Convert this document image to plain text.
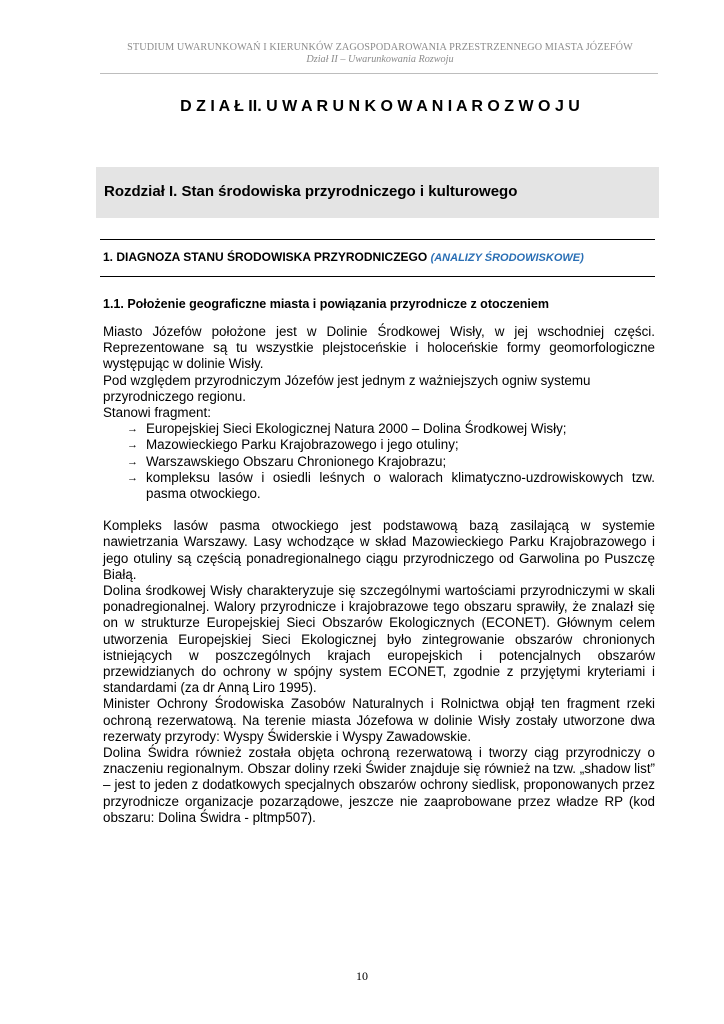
STUDIUM UWARUNKOWAŃ I KIERUNKÓW ZAGOSPODAROWANIA PRZESTRZENNEGO MIASTA JÓZEFÓW
Dział II – Uwarunkowania Rozwoju
D Z I A Ł II. U W A R U N K O W A N I A R O Z W O J U
Rozdział I. Stan środowiska przyrodniczego i kulturowego
1. DIAGNOZA STANU ŚRODOWISKA PRZYRODNICZEGO (ANALIZY ŚRODOWISKOWE)
1.1. Położenie geograficzne miasta i powiązania przyrodnicze z otoczeniem

Miasto Józefów położone jest w Dolinie Środkowej Wisły, w jej wschodniej części. Reprezentowane są tu wszystkie plejstoceńskie i holoceńskie formy geomorfologiczne występując w dolinie Wisły.

Pod względem przyrodniczym Józefów jest jednym z ważniejszych ogniw systemu przyrodniczego regionu.

Stanowi fragment:

→ Europejskiej Sieci Ekologicznej Natura 2000 – Dolina Środkowej Wisły;
→ Mazowieckiego Parku Krajobrazowego i jego otuliny;
→ Warszawskiego Obszaru Chronionego Krajobrazu;
→ kompleksu lasów i osiedli leśnych o walorach klimatyczno-uzdrowiskowych tzw. pasma otwockiego.

Kompleks lasów pasma otwockiego jest podstawową bazą zasilającą w systemie nawietrzania Warszawy. Lasy wchodzące w skład Mazowieckiego Parku Krajobrazowego i jego otuliny są częścią ponadregionalnego ciągu przyrodniczego od Garwolina po Puszczę Białą.

Dolina środkowej Wisły charakteryzuje się szczególnymi wartościami przyrodniczymi w skali ponadregionalnej. Walory przyrodnicze i krajobrazowe tego obszaru sprawiły, że znalazł się on w strukturze Europejskiej Sieci Obszarów Ekologicznych (ECONET). Głównym celem utworzenia Europejskiej Sieci Ekologicznej było zintegrowanie obszarów chronionych istniejących w poszczególnych krajach europejskich i potencjalnych obszarów przewidzianych do ochrony w spójny system ECONET, zgodnie z przyjętymi kryteriami i standardami (za dr Anną Liro 1995).

Minister Ochrony Środowiska Zasobów Naturalnych i Rolnictwa objął ten fragment rzeki ochroną rezerwatową. Na terenie miasta Józefowa w dolinie Wisły zostały utworzone dwa rezerwaty przyrody: Wyspy Świderskie i Wyspy Zawadowskie.

Dolina Świdra również została objęta ochroną rezerwatową i tworzy ciąg przyrodniczy o znaczeniu regionalnym. Obszar doliny rzeki Świder znajduje się również na tzw. „shadow list” – jest to jeden z dodatkowych specjalnych obszarów ochrony siedlisk, proponowanych przez przyrodnicze organizacje pozarządowe, jeszcze nie zaaprobowane przez władze RP (kod obszaru: Dolina Świdra - pltmp507).

10
